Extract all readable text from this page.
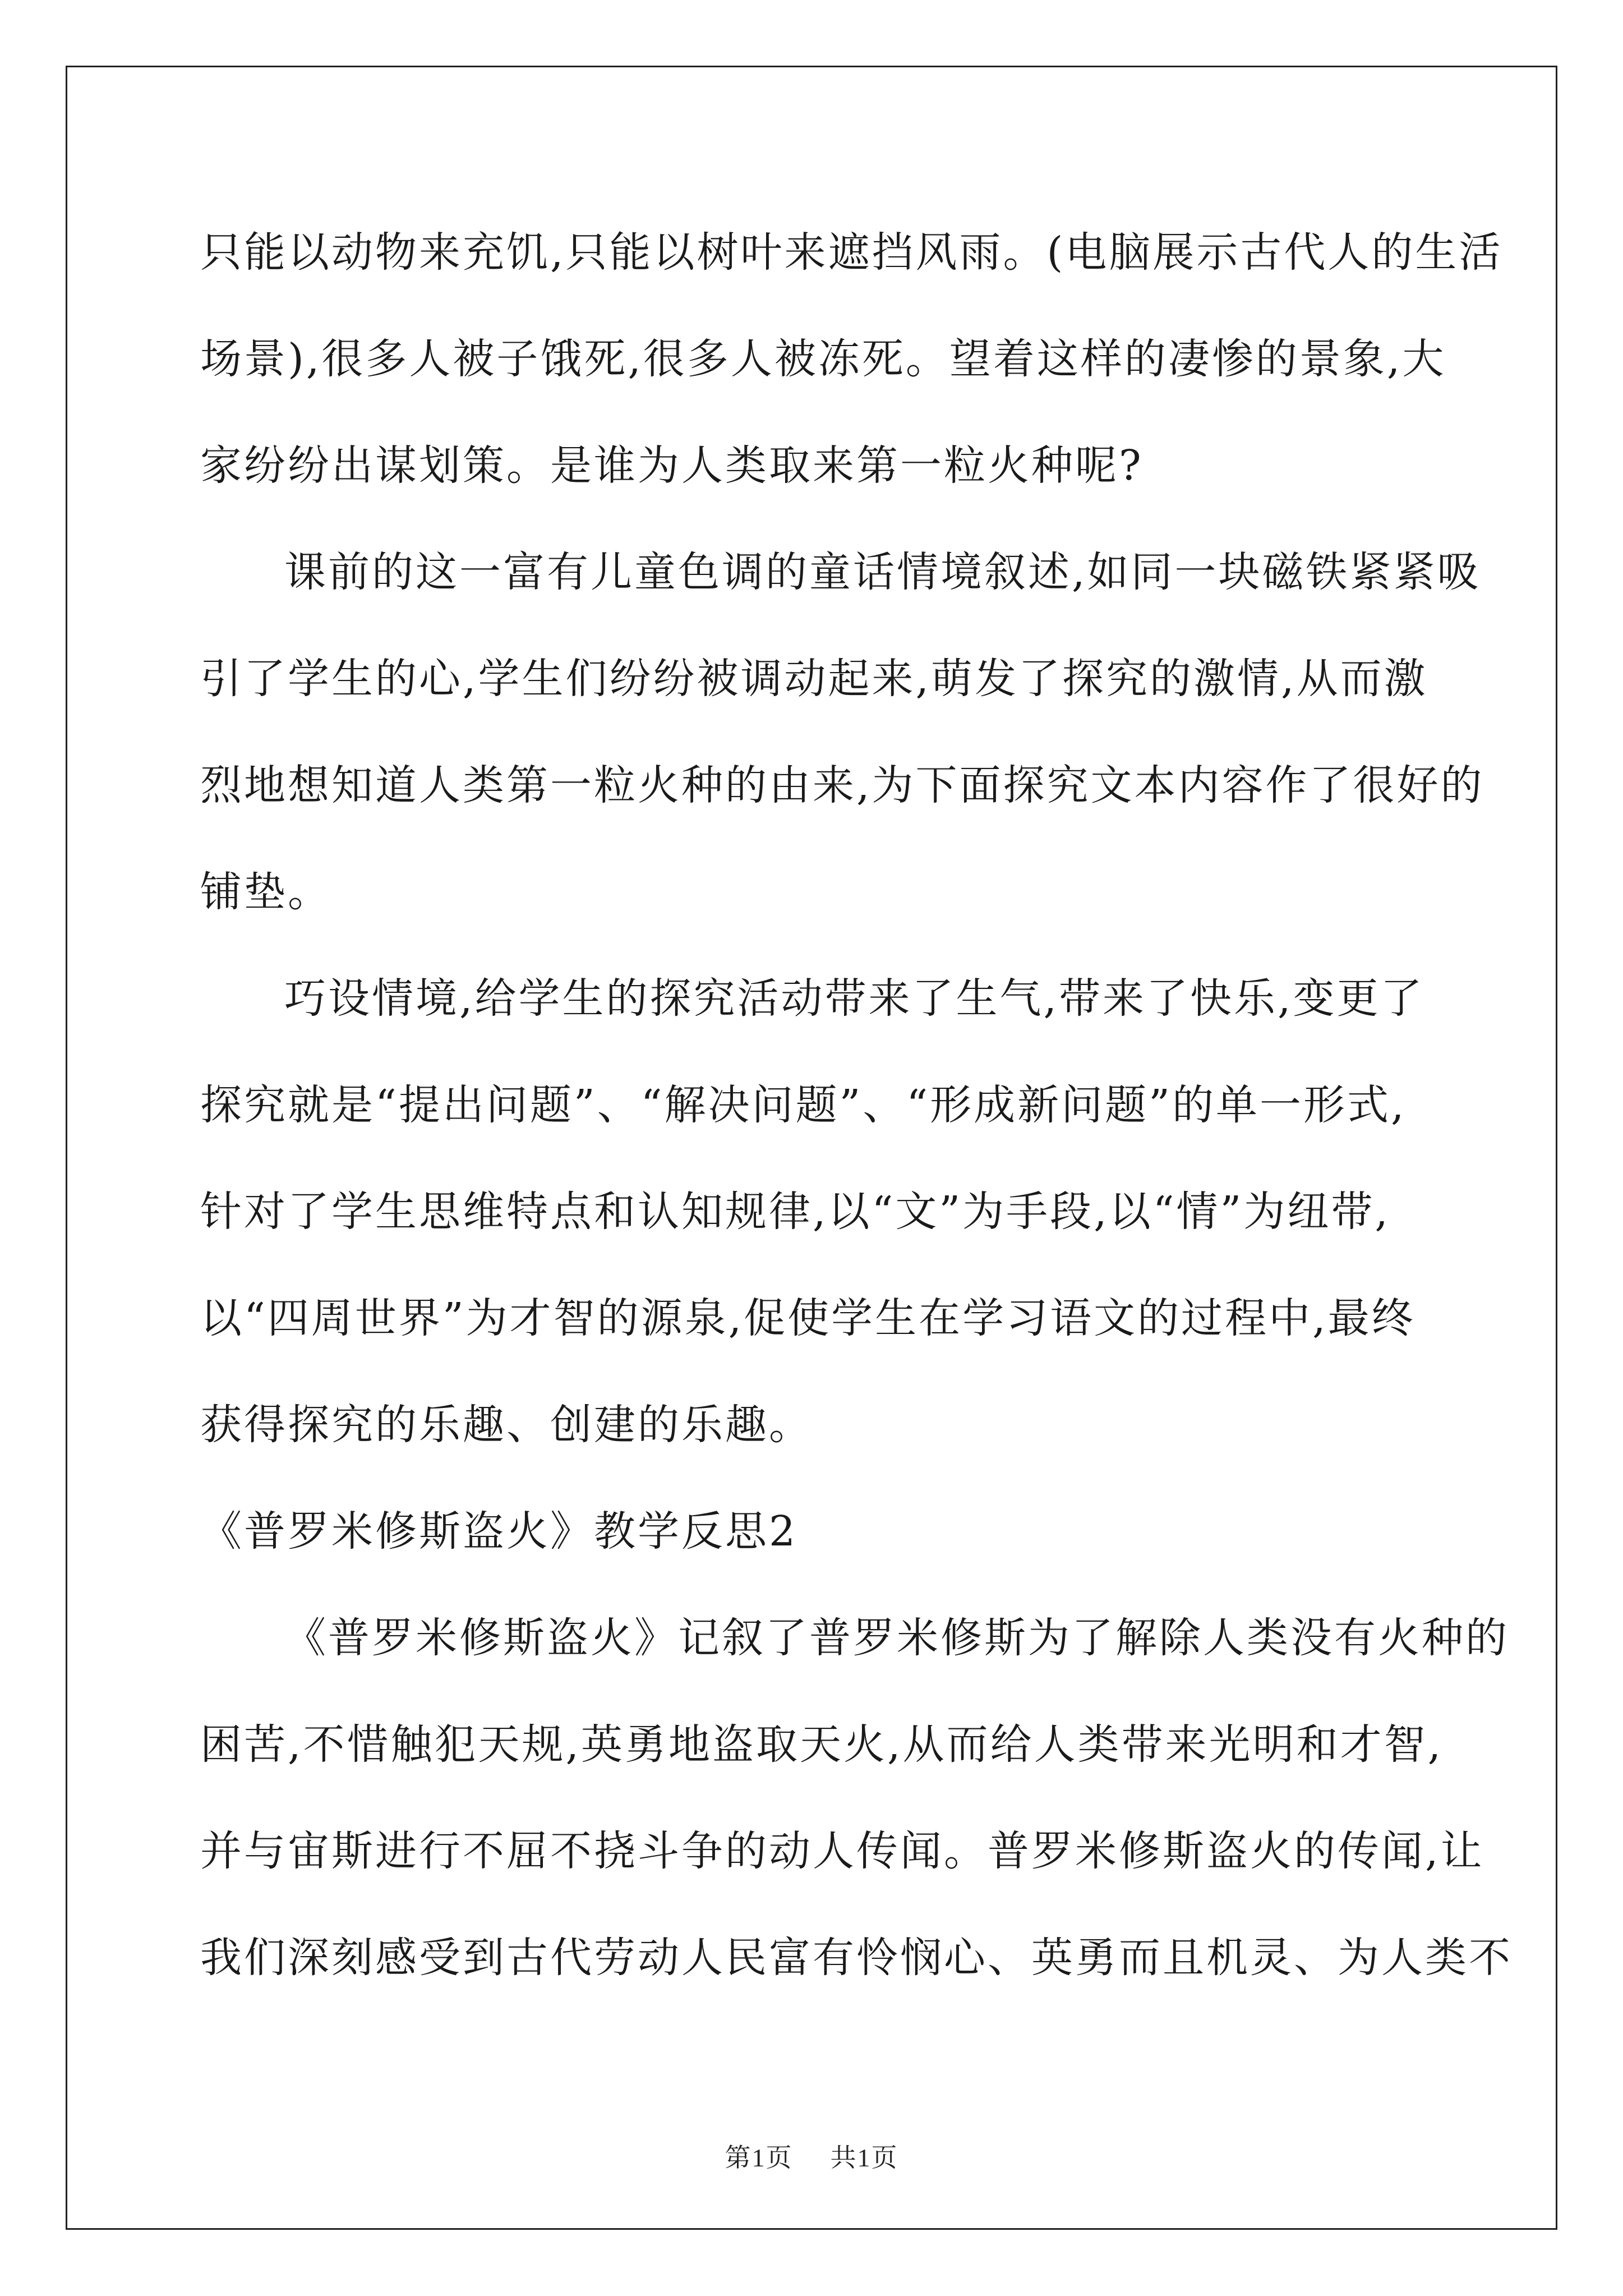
只能以动物来充饥,只能以树叶来遮挡风雨。(电脑展示古代人的生活
场景),很多人被子饿死,很多人被冻死。望着这样的凄惨的景象,大
家纷纷出谋划策。是谁为人类取来第一粒火种呢?
课前的这一富有儿童色调的童话情境叙述,如同一块磁铁紧紧吸
引了学生的心,学生们纷纷被调动起来,萌发了探究的激情,从而激
烈地想知道人类第一粒火种的由来,为下面探究文本内容作了很好的
铺垫。
巧设情境,给学生的探究活动带来了生气,带来了快乐,变更了
探究就是“提出问题”、“解决问题”、“形成新问题”的单一形式,
针对了学生思维特点和认知规律,以“文”为手段,以“情”为纽带,
以“四周世界”为才智的源泉,促使学生在学习语文的过程中,最终
获得探究的乐趣、创建的乐趣。
《普罗米修斯盗火》教学反思2
《普罗米修斯盗火》记叙了普罗米修斯为了解除人类没有火种的
困苦,不惜触犯天规,英勇地盗取天火,从而给人类带来光明和才智,
并与宙斯进行不屈不挠斗争的动人传闻。普罗米修斯盗火的传闻,让
我们深刻感受到古代劳动人民富有怜悯心、英勇而且机灵、为人类不
第1页 共1页
